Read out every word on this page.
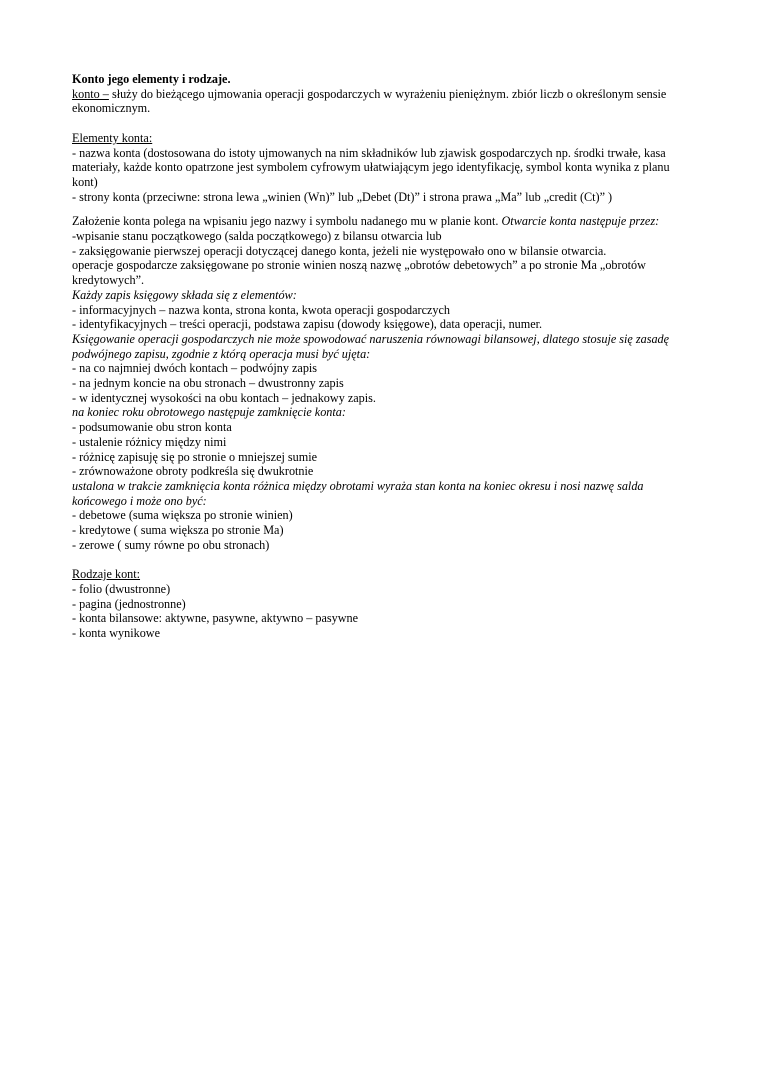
Konto jego elementy i rodzaje.
konto – służy do bieżącego ujmowania operacji gospodarczych w wyrażeniu pieniężnym. zbiór liczb o określonym sensie ekonomicznym.
Elementy konta:
- nazwa konta (dostosowana do istoty ujmowanych na nim składników lub zjawisk gospodarczych np. środki trwałe, kasa materiały, każde konto opatrzone jest symbolem cyfrowym ułatwiającym jego identyfikację, symbol konta wynika z planu kont)
- strony konta (przeciwne: strona lewa „winien (Wn)” lub „Debet (Dt)” i strona prawa „Ma” lub „credit (Ct)” )
Założenie konta polega na wpisaniu jego nazwy i symbolu nadanego mu w planie kont. Otwarcie konta następuje przez:
-wpisanie stanu początkowego (salda początkowego) z bilansu otwarcia lub
- zaksięgowanie pierwszej operacji dotyczącej danego konta, jeżeli nie występowało ono w bilansie otwarcia.
operacje gospodarcze zaksięgowane po stronie winien noszą nazwę „obrotów debetowych” a po stronie Ma „obrotów kredytowych”.
Każdy zapis księgowy składa się z elementów:
- informacyjnych – nazwa konta, strona konta, kwota operacji gospodarczych
- identyfikacyjnych – treści operacji, podstawa zapisu (dowody księgowe), data operacji, numer.
Księgowanie operacji gospodarczych nie może spowodować naruszenia równowagi bilansowej, dlatego stosuje się zasadę podwójnego zapisu, zgodnie z którą operacja musi być ujęta:
- na co najmniej dwóch kontach – podwójny zapis
- na jednym koncie na obu stronach – dwustronny zapis
- w identycznej wysokości na obu kontach – jednakowy zapis.
na koniec roku obrotowego następuje zamknięcie konta:
- podsumowanie obu stron konta
- ustalenie różnicy między nimi
- różnicę zapisuję się po stronie o mniejszej sumie
- zrównoważone obroty podkreśla się dwukrotnie
ustalona w trakcie zamknięcia konta różnica między obrotami wyraża stan konta na koniec okresu i nosi nazwę salda końcowego i może ono być:
- debetowe (suma większa po stronie winien)
- kredytowe ( suma większa po stronie Ma)
- zerowe ( sumy równe po obu stronach)
Rodzaje kont:
- folio (dwustronne)
- pagina (jednostronne)
- konta bilansowe: aktywne, pasywne, aktywno – pasywne
- konta wynikowe
